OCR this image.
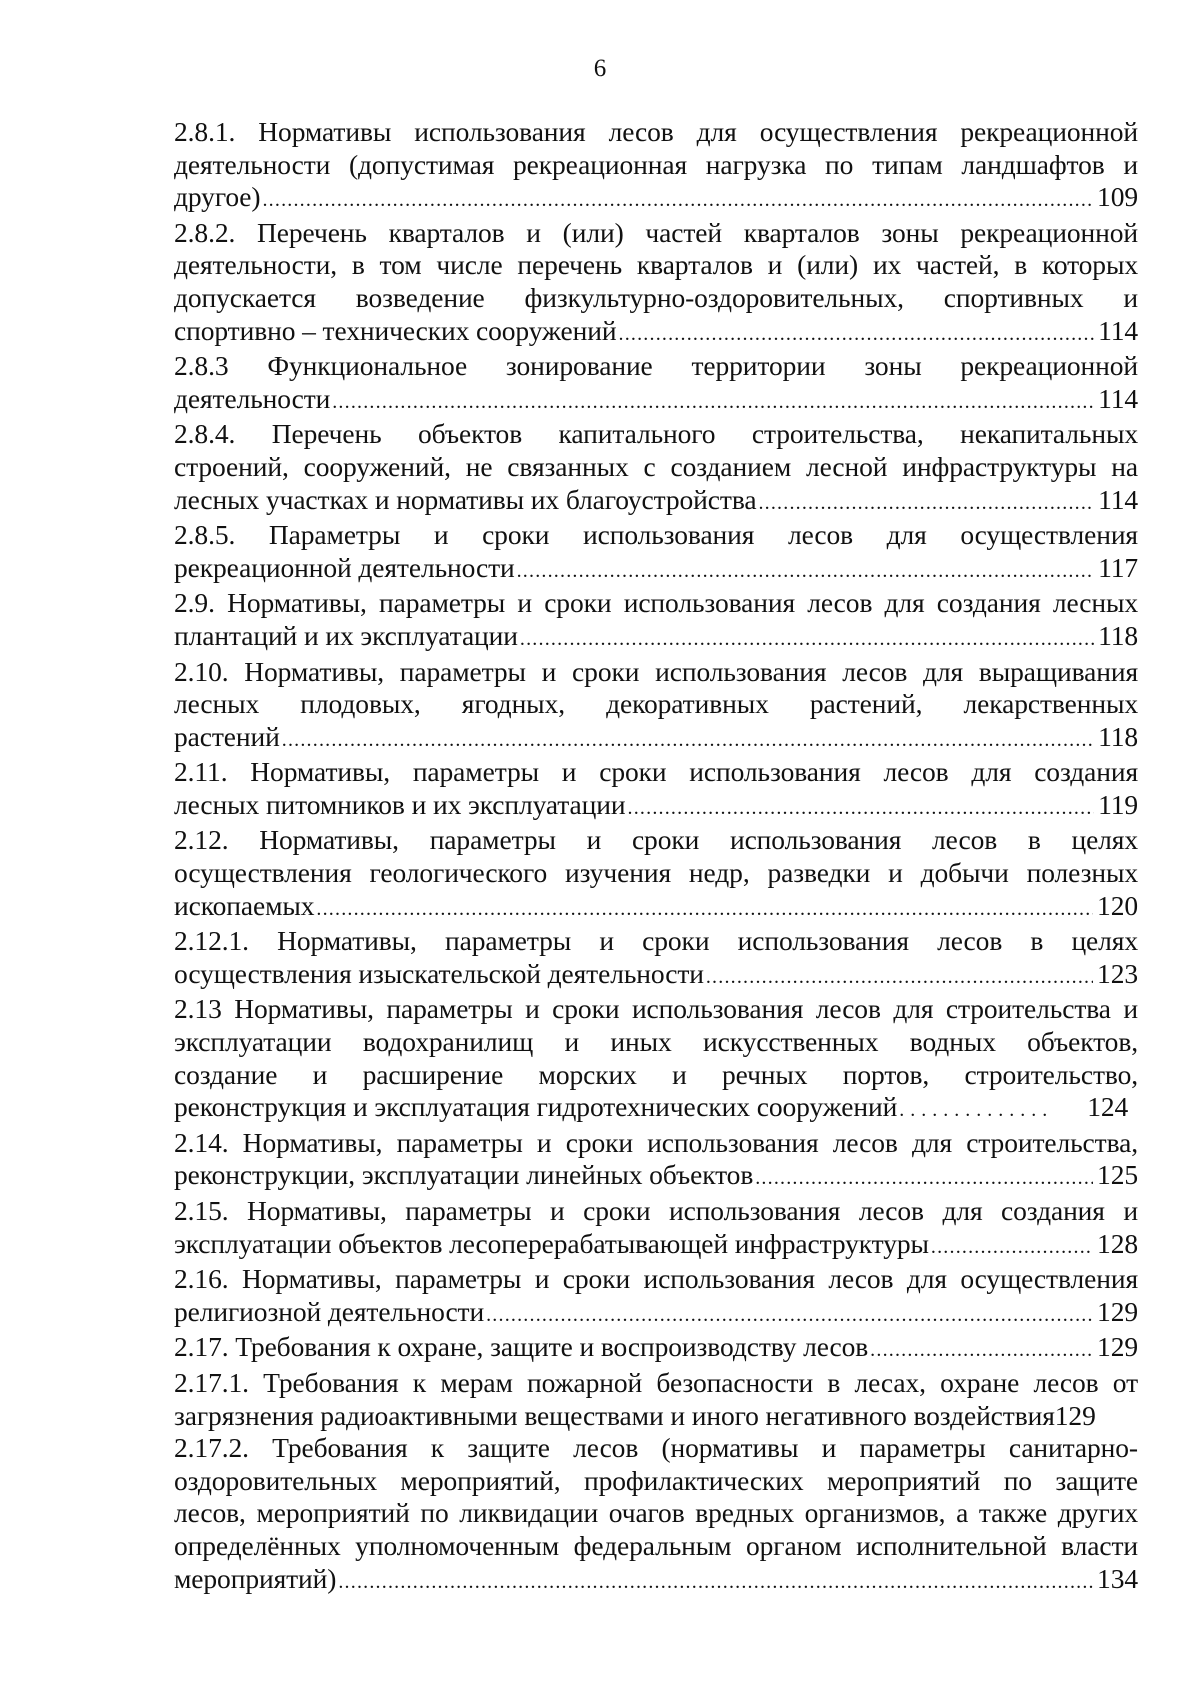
6
2.8.1. Нормативы использования лесов для осуществления рекреационной
деятельности (допустимая рекреационная нагрузка по типам ландшафтов и
другое) .....	109
2.8.2. Перечень кварталов и (или) частей кварталов зоны рекреационной
деятельности, в том числе перечень кварталов и (или) их частей, в которых
допускается возведение физкультурно-оздоровительных, спортивных и
спортивно – технических сооружений .....	114
2.8.3 Функциональное зонирование территории зоны рекреационной
деятельности .....	114
2.8.4. Перечень объектов капитального строительства, некапитальных
строений, сооружений, не связанных с созданием лесной инфраструктуры на
лесных участках и нормативы их благоустройства .....	114
2.8.5. Параметры и сроки использования лесов для осуществления
рекреационной деятельности .....	117
2.9. Нормативы, параметры и сроки использования лесов для создания лесных
плантаций и их эксплуатации .....	118
2.10. Нормативы, параметры и сроки использования лесов для выращивания
лесных плодовых, ягодных, декоративных растений, лекарственных
растений .....	118
2.11. Нормативы, параметры и сроки использования лесов для создания
лесных питомников и их эксплуатации .....	119
2.12. Нормативы, параметры и сроки использования лесов в целях
осуществления геологического изучения недр, разведки и добычи полезных
ископаемых .....	120
2.12.1. Нормативы, параметры и сроки использования лесов в целях
осуществления изыскательской деятельности .....	123
2.13 Нормативы, параметры и сроки использования лесов для строительства и
эксплуатации водохранилищ и иных искусственных водных объектов,
создание и расширение морских и речных портов, строительство,
реконструкция и эксплуатация гидротехнических сооружений .....	124
2.14. Нормативы, параметры и сроки использования лесов для строительства,
реконструкции, эксплуатации линейных объектов .....	125
2.15. Нормативы, параметры и сроки использования лесов для создания и
эксплуатации объектов лесоперерабатывающей инфраструктуры .....	128
2.16. Нормативы, параметры и сроки использования лесов для осуществления
религиозной деятельности .....	129
2.17. Требования к охране, защите и воспроизводству лесов .....	129
2.17.1. Требования к мерам пожарной безопасности в лесах, охране лесов от
загрязнения радиоактивными веществами и иного негативного воздействия 129
2.17.2. Требования к защите лесов (нормативы и параметры санитарно-
оздоровительных мероприятий, профилактических мероприятий по защите
лесов, мероприятий по ликвидации очагов вредных организмов, а также других
определённых уполномоченным федеральным органом исполнительной власти
мероприятий) .....	134
